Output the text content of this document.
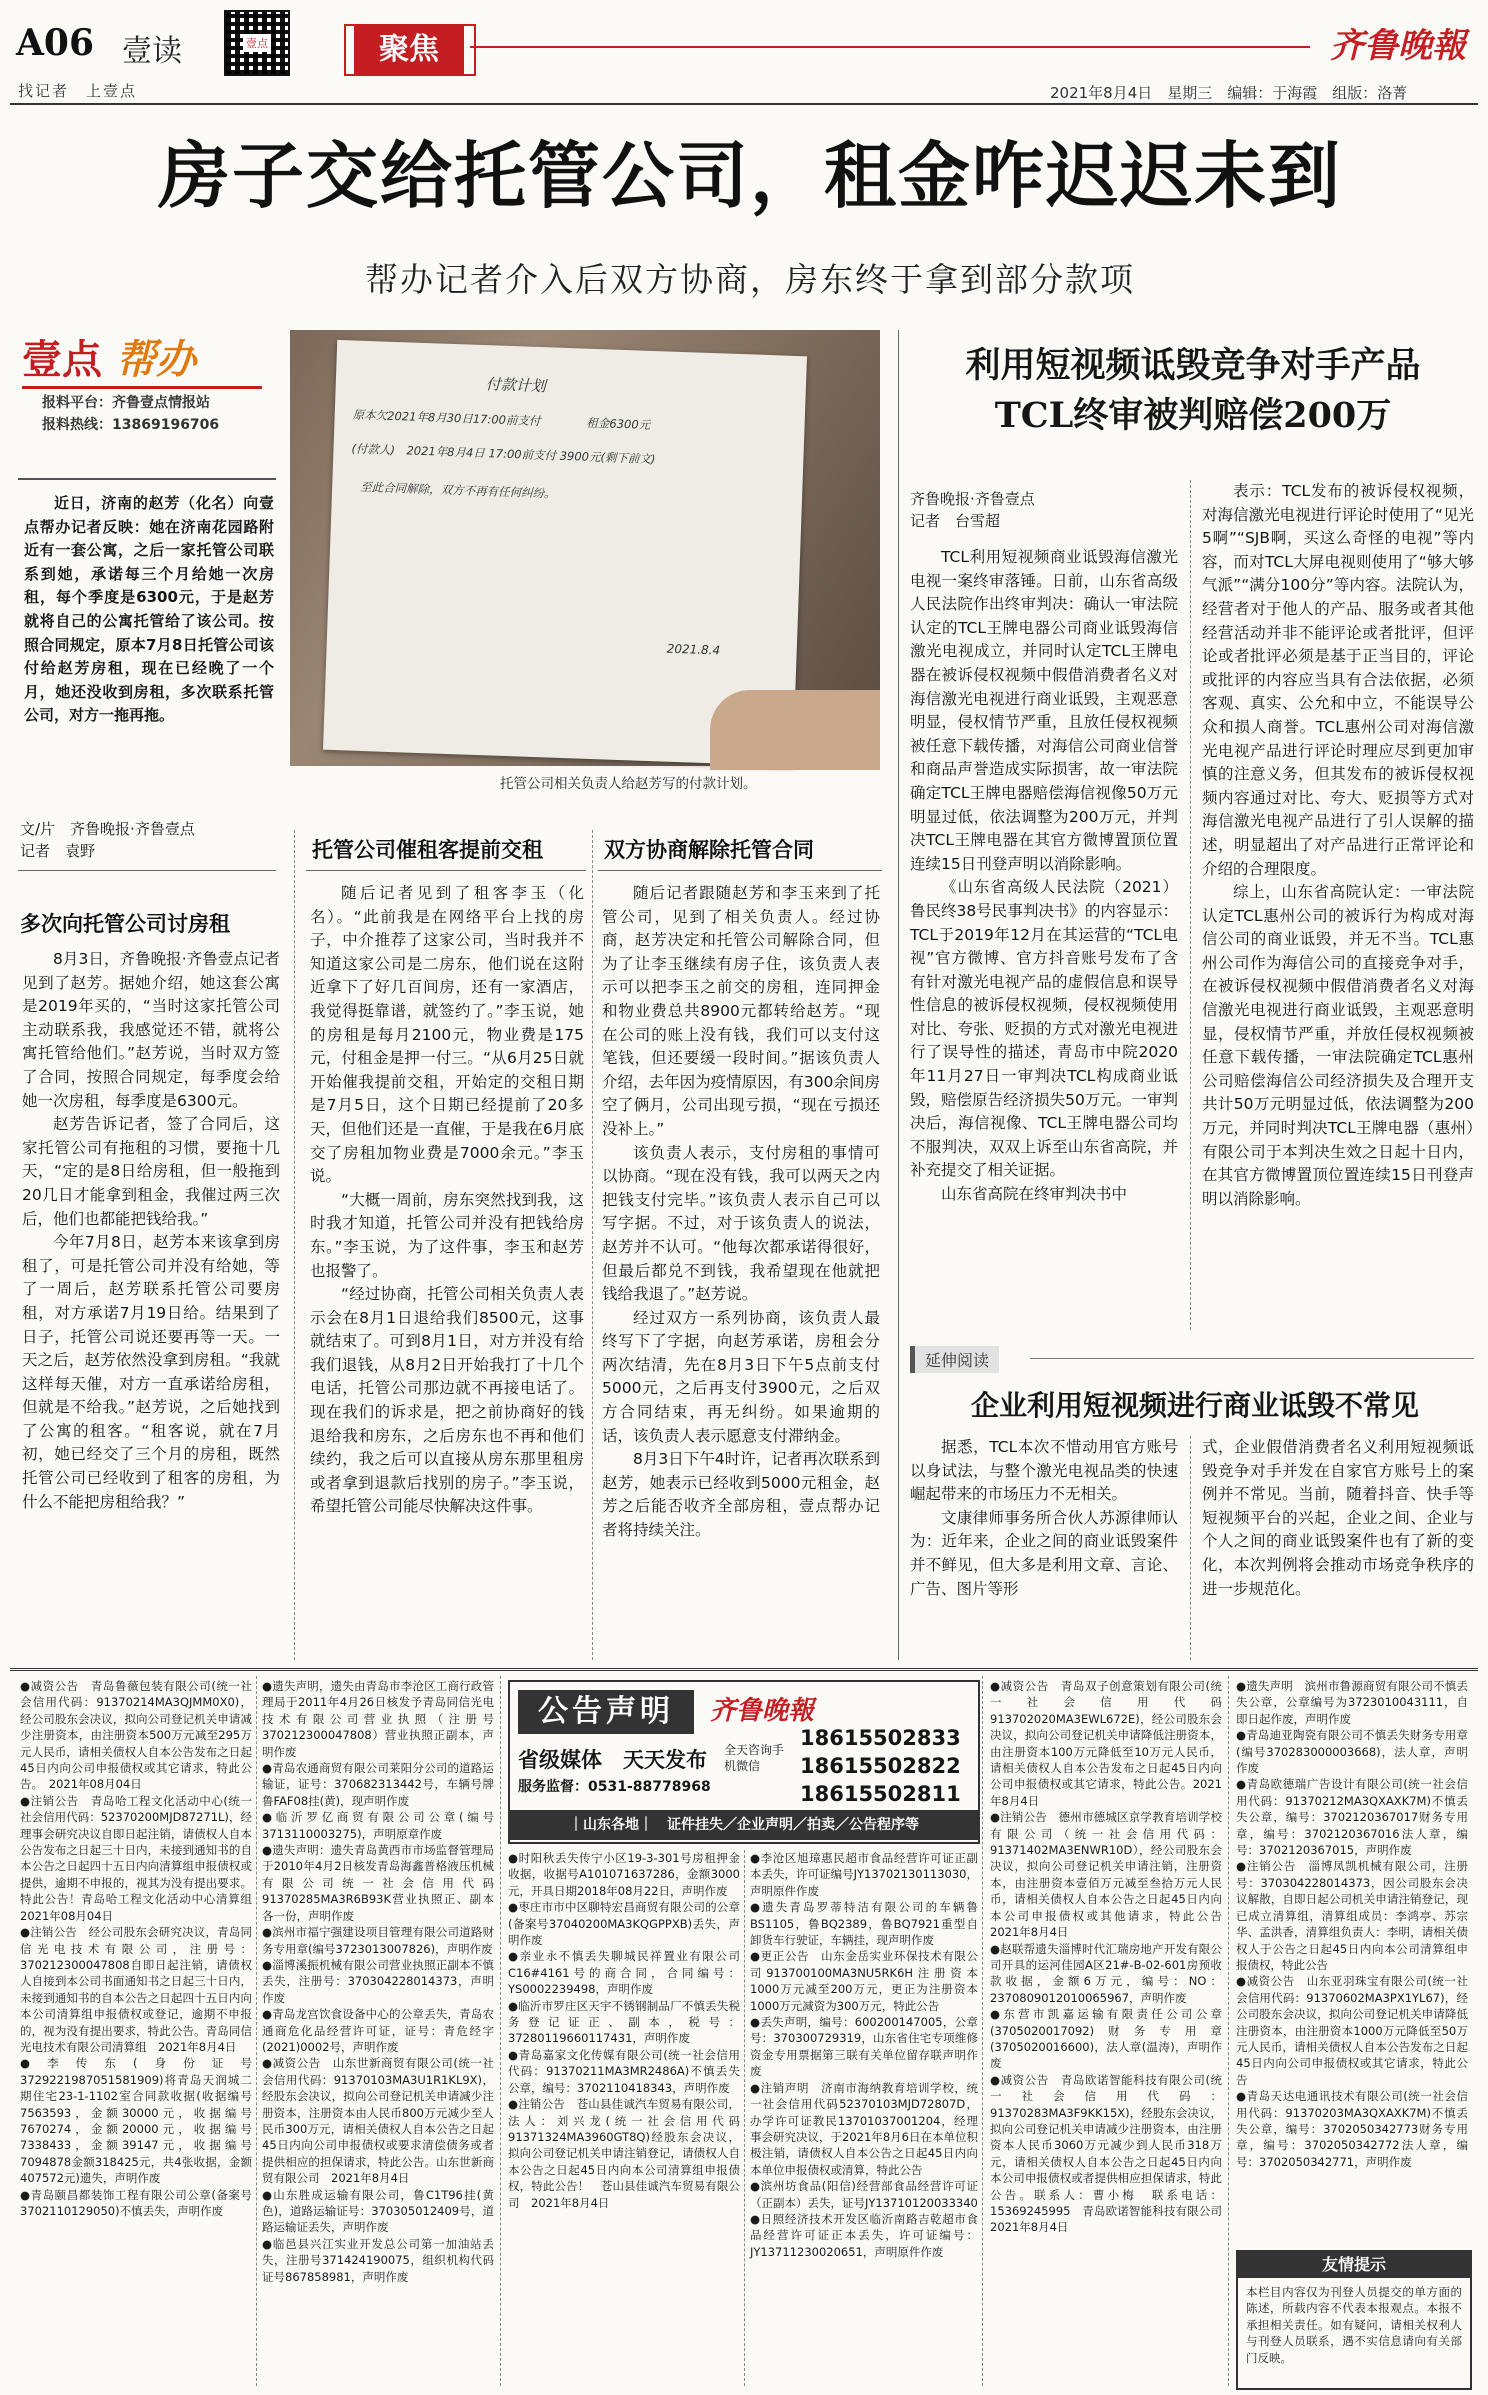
A06 壹读
找记者　上壹点
壹点	聚焦	齐鲁晚報
2021年8月4日　星期三　编辑：于海霞　组版：洛菁
房子交给托管公司，租金咋迟迟未到
帮办记者介入后双方协商，房东终于拿到部分款项
壹点 帮办
报料平台：齐鲁壹点情报站
报料热线：13869196706

近日，济南的赵芳（化名）向壹点帮办记者反映：她在济南花园路附近有一套公寓，之后一家托管公司联系到她，承诺每三个月给她一次房租，每个季度是6300元，于是赵芳就将自己的公寓托管给了该公司。按照合同规定，原本7月8日托管公司该付给赵芳房租，现在已经晚了一个月，她还没收到房租，多次联系托管公司，对方一拖再拖。

付款计划
原本欠2021年8月30日17:00前支付　　　　租金6300元
(付款人)　2021年8月4日 17:00前支付 3900元(剩下前文)
至此合同解除，双方不再有任何纠纷。
2021.8.4
托管公司相关负责人给赵芳写的付款计划。
文/片　齐鲁晚报·齐鲁壹点
记者　袁野
多次向托管公司讨房租
托管公司催租客提前交租	双方协商解除托管合同

8月3日，齐鲁晚报·齐鲁壹点记者见到了赵芳。据她介绍，她这套公寓是2019年买的，“当时这家托管公司主动联系我，我感觉还不错，就将公寓托管给他们。”赵芳说，当时双方签了合同，按照合同规定，每季度会给她一次房租，每季度是6300元。

赵芳告诉记者，签了合同后，这家托管公司有拖租的习惯，要拖十几天，“定的是8日给房租，但一般拖到20几日才能拿到租金，我催过两三次后，他们也都能把钱给我。”

今年7月8日，赵芳本来该拿到房租了，可是托管公司并没有给她，等了一周后，赵芳联系托管公司要房租，对方承诺7月19日给。结果到了日子，托管公司说还要再等一天。一天之后，赵芳依然没拿到房租。“我就这样每天催，对方一直承诺给房租，但就是不给我。”赵芳说，之后她找到了公寓的租客。“租客说，就在7月初，她已经交了三个月的房租，既然托管公司已经收到了租客的房租，为什么不能把房租给我？”

随后记者见到了租客李玉（化名）。“此前我是在网络平台上找的房子，中介推荐了这家公司，当时我并不知道这家公司是二房东，他们说在这附近拿下了好几百间房，还有一家酒店，我觉得挺靠谱，就签约了。”李玉说，她的房租是每月2100元，物业费是175元，付租金是押一付三。“从6月25日就开始催我提前交租，开始定的交租日期是7月5日，这个日期已经提前了20多天，但他们还是一直催，于是我在6月底交了房租加物业费是7000余元。”李玉说。

“大概一周前，房东突然找到我，这时我才知道，托管公司并没有把钱给房东。”李玉说，为了这件事，李玉和赵芳也报警了。

“经过协商，托管公司相关负责人表示会在8月1日退给我们8500元，这事就结束了。可到8月1日，对方并没有给我们退钱，从8月2日开始我打了十几个电话，托管公司那边就不再接电话了。现在我们的诉求是，把之前协商好的钱退给我和房东，之后房东也不再和他们续约，我之后可以直接从房东那里租房或者拿到退款后找别的房子。”李玉说，希望托管公司能尽快解决这件事。

随后记者跟随赵芳和李玉来到了托管公司，见到了相关负责人。经过协商，赵芳决定和托管公司解除合同，但为了让李玉继续有房子住，该负责人表示可以把李玉之前交的房租，连同押金和物业费总共8900元都转给赵芳。“现在公司的账上没有钱，我们可以支付这笔钱，但还要缓一段时间。”据该负责人介绍，去年因为疫情原因，有300余间房空了俩月，公司出现亏损，“现在亏损还没补上。”

该负责人表示，支付房租的事情可以协商。“现在没有钱，我可以两天之内把钱支付完毕。”该负责人表示自己可以写字据。不过，对于该负责人的说法，赵芳并不认可。“他每次都承诺得很好，但最后都兑不到钱，我希望现在他就把钱给我退了。”赵芳说。

经过双方一系列协商，该负责人最终写下了字据，向赵芳承诺，房租会分两次结清，先在8月3日下午5点前支付5000元，之后再支付3900元，之后双方合同结束，再无纠纷。如果逾期的话，该负责人表示愿意支付滞纳金。

8月3日下午4时许，记者再次联系到赵芳，她表示已经收到5000元租金，赵芳之后能否收齐全部房租，壹点帮办记者将持续关注。

利用短视频诋毁竞争对手产品
TCL终审被判赔偿200万
齐鲁晚报·齐鲁壹点
记者　台雪超

TCL利用短视频商业诋毁海信激光电视一案终审落锤。日前，山东省高级人民法院作出终审判决：确认一审法院认定的TCL王牌电器公司商业诋毁海信激光电视成立，并同时认定TCL王牌电器在被诉侵权视频中假借消费者名义对海信激光电视进行商业诋毁，主观恶意明显，侵权情节严重，且放任侵权视频被任意下载传播，对海信公司商业信誉和商品声誉造成实际损害，故一审法院确定TCL王牌电器赔偿海信视像50万元明显过低，依法调整为200万元，并判决TCL王牌电器在其官方微博置顶位置连续15日刊登声明以消除影响。

《山东省高级人民法院（2021）鲁民终38号民事判决书》的内容显示：TCL于2019年12月在其运营的“TCL电视”官方微博、官方抖音账号发布了含有针对激光电视产品的虚假信息和误导性信息的被诉侵权视频，侵权视频使用对比、夸张、贬损的方式对激光电视进行了误导性的描述，青岛市中院2020年11月27日一审判决TCL构成商业诋毁，赔偿原告经济损失50万元。一审判决后，海信视像、TCL王牌电器公司均不服判决，双双上诉至山东省高院，并补充提交了相关证据。

山东省高院在终审判决书中

表示：TCL发布的被诉侵权视频，对海信激光电视进行评论时使用了“见光5啊”“SJB啊，买这么奇怪的电视”等内容，而对TCL大屏电视则使用了“够大够气派”“满分100分”等内容。法院认为，经营者对于他人的产品、服务或者其他经营活动并非不能评论或者批评，但评论或者批评必须是基于正当目的，评论或批评的内容应当具有合法依据，必须客观、真实、公允和中立，不能误导公众和损人商誉。TCL惠州公司对海信激光电视产品进行评论时理应尽到更加审慎的注意义务，但其发布的被诉侵权视频内容通过对比、夸大、贬损等方式对海信激光电视产品进行了引人误解的描述，明显超出了对产品进行正常评论和介绍的合理限度。

综上，山东省高院认定：一审法院认定TCL惠州公司的被诉行为构成对海信公司的商业诋毁，并无不当。TCL惠州公司作为海信公司的直接竞争对手，在被诉侵权视频中假借消费者名义对海信激光电视进行商业诋毁，主观恶意明显，侵权情节严重，并放任侵权视频被任意下载传播，一审法院确定TCL惠州公司赔偿海信公司经济损失及合理开支共计50万元明显过低，依法调整为200万元，并同时判决TCL王牌电器（惠州）有限公司于本判决生效之日起十日内，在其官方微博置顶位置连续15日刊登声明以消除影响。

延伸阅读
企业利用短视频进行商业诋毁不常见

据悉，TCL本次不惜动用官方账号以身试法，与整个激光电视品类的快速崛起带来的市场压力不无相关。

文康律师事务所合伙人苏源律师认为：近年来，企业之间的商业诋毁案件并不鲜见，但大多是利用文章、言论、广告、图片等形

式，企业假借消费者名义利用短视频诋毁竞争对手并发在自家官方账号上的案例并不常见。当前，随着抖音、快手等短视频平台的兴起，企业之间、企业与个人之间的商业诋毁案件也有了新的变化，本次判例将会推动市场竞争秩序的进一步规范化。

●减资公告　青岛鲁薇包装有限公司(统一社会信用代码：91370214MA3QJMM0X0)，经公司股东会决议，拟向公司登记机关申请减少注册资本，由注册资本500万元减至295万元人民币，请相关债权人自本公告发布之日起45日内向公司申报债权或其它请求，特此公告。　2021年08月04日
●注销公告　青岛哈工程文化活动中心(统一社会信用代码：52370200MJD87271L)，经理事会研究决议自即日起注销，请债权人自本公告发布之日起三十日内，未接到通知书的自本公告之日起四十五日内向清算组申报债权或提供，逾期不申报的，视其为没有提出要求。特此公告！青岛哈工程文化活动中心清算组　2021年08月04日
●注销公告　经公司股东会研究决议，青岛同信光电技术有限公司，注册号：370212300047808自即日起注销，请债权人自接到本公司书面通知书之日起三十日内，未接到通知书的自本公告之日起四十五日内向本公司清算组申报债权或登记，逾期不申报的，视为没有提出要求，特此公告。青岛同信光电技术有限公司清算组　2021年8月4日
●李传东(身份证号3729221987051581909)将青岛天润城二期住宅23-1-1102室合同款收据(收据编号7563593，金额30000元，收据编号7670274，金额20000元，收据编号7338433，金额39147元，收据编号7094878金额318425元，共4张收据，金额407572元)遗失，声明作废
●青岛颐昌都装饰工程有限公司公章(备案号3702110129050)不慎丢失，声明作废
●遗失声明，遗失由青岛市李沧区工商行政管理局于2011年4月26日核发予青岛同信光电技术有限公司营业执照（注册号370212300047808）营业执照正副本，声明作废
●青岛农通商贸有限公司莱阳分公司的道路运输证，证号：370682313442号，车辆号牌鲁FAF08挂(黄)，现声明作废
●临沂罗亿商贸有限公司公章(编号3713110003275)，声明原章作废
●遗失声明：遗失青岛黄西市市场监督管理局于2010年4月2日核发青岛海鑫普格液压机械有限公司统一社会信用代码91370285MA3R6B93K营业执照正、副本各一份，声明作废
●滨州市福宁强建设项目管理有限公司道路财务专用章(编号3723013007826)，声明作废
●淄博溪振机械有限公司营业执照正副本不慎丢失，注册号：370304228014373，声明作废
●青岛龙宫饮食设备中心的公章丢失，青岛农通商危化品经营许可证，证号：青危经字(2021)0002号，声明作废
●减资公告　山东世新商贸有限公司(统一社会信用代码：91370103MA3U1R1KL9X)，经股东会决议，拟向公司登记机关申请减少注册资本，注册资本由人民币800万元减少至人民币300万元，请相关债权人自本公告之日起45日内向公司申报债权或要求清偿债务或者提供相应的担保请求，特此公告。山东世新商贸有限公司　2021年8月4日
●山东胜成运输有限公司，鲁C1T96挂(黄色)，道路运输证号：370305012409号，道路运输证丢失，声明作废
●临邑县兴江实业开发总公司第一加油站丢失，注册号371424190075，组织机构代码证号867858981，声明作废
公告声明	齐鲁晚報
省级媒体　天天发布
服务监督：0531-88778968
全天咨询手机微信
18615502833
18615502822
18615502811
｜山东各地｜　证件挂失／企业声明／拍卖／公告程序等
●时阳秋丢失传宁小区19-3-301号房租押金收据，收据号A101071637286，金额3000元，开具日期2018年08月22日，声明作废
●枣庄市市中区聊特宏昌商贸有限公司的公章(备案号37040200MA3KQGPPXB)丢失，声明作废
●亲业永不慎丢失聊城民祥置业有限公司C16#4161号的商合同，合同编号：YS0002239498，声明作废
●临沂市罗庄区天宇不锈钢制品厂不慎丢失税务登记证正、副本，税号：37280119660117431，声明作废
●青岛嘉家文化传媒有限公司(统一社会信用代码：91370211MA3MR2486A)不慎丢失公章，编号：3702110418343，声明作废
●注销公告　苍山县佳诚汽车贸易有限公司，法人：刘兴龙(统一社会信用代码91371324MA3960GT8Q)经股东会决议，拟向公司登记机关申请注销登记，请债权人自本公告之日起45日内向本公司清算组申报债权，特此公告！　苍山县佳诚汽车贸易有限公司　2021年8月4日
●李沧区旭璋惠民超市食品经营许可证正副本丢失，许可证编号JY13702130113030，声明原件作废
●遗失青岛罗蒂特洁有限公司的车辆鲁BS1105，鲁BQ2389，鲁BQ7921重型自卸货车行驶证，车辆挂，现声明作废
●更正公告　山东金岳实业环保技术有限公司913700100MA3NU5RK6H注册资本1000万元减至200万元，更正为注册资本1000万元减资为300万元，特此公告
●丢失声明，编号：600200147005，公章号：370300729319，山东省住宅专项维修资金专用票据第三联有关单位留存联声明作废
●注销声明　济南市海纳教育培训学校，统一社会信用代码52370103MJD72807D，办学许可证教民13701037001204，经理事会研究决议，于2021年8月6日在本单位积极注销，请债权人自本公告之日起45日内向本单位申报债权或清算，特此公告
●滨州坊食品(阳信)经营部食品经营许可证（正副本）丢失，证号JY13710120033340
●日照经济技术开发区临沂南路吉乾超市食品经营许可证正本丢失，许可证编号：JY13711230020651，声明原件作废
●减资公告　青岛双子创意策划有限公司(统一社会信用代码913702020MA3EWL672E)，经公司股东会决议，拟向公司登记机关申请降低注册资本，由注册资本100万元降低至10万元人民币，请相关债权人自本公告发布之日起45日内向公司申报债权或其它请求，特此公告。2021年8月4日
●注销公告　德州市德城区京学教育培训学校有限公司（统一社会信用代码：91371402MA3ENWR10D），经公司股东会决议，拟向公司登记机关申请注销，注册资本，由注册资本壹佰万元减至叁拾万元人民币，请相关债权人自本公告之日起45日内向本公司申报债权或其他请求，特此公告　2021年8月4日
●赵联帮遗失淄博时代汇瑞房地产开发有限公司开具的运河佳园A区21#-B-02-601房预收款收据，金额6万元，编号：NO：2370809012010065967，声明作废
●东营市凯嘉运输有限责任公司公章(3705020017092)财务专用章(3705020016600)，法人章(温涛)，声明作废
●减资公告　青岛欧诺智能科技有限公司(统一社会信用代码：91370283MA3F9KK15X)，经股东会决议，拟向公司登记机关申请减少注册资本，由注册资本人民币3060万元减少到人民币318万元，请相关债权人自本公告之日起45日内向本公司申报债权或者提供相应担保请求，特此公告。联系人：曹小梅　联系电话：15369245995　青岛欧诺智能科技有限公司　2021年8月4日
●遗失声明　滨州市鲁源商贸有限公司不慎丢失公章，公章编号为3723010043111，自即日起作废，声明作废
●青岛迪亚陶瓷有限公司不慎丢失财务专用章(编号370283000003668)，法人章，声明作废
●青岛欧德瑞广告设计有限公司(统一社会信用代码：91370212MA3QXAXK7M)不慎丢失公章，编号：3702120367017财务专用章，编号：3702120367016法人章，编号：3702120367015，声明作废
●注销公告　淄博凤凯机械有限公司，注册号：370304228014373，因公司股东会决议解散，自即日起公司机关申请注销登记，现已成立清算组，清算组成员：李鸿亭、苏宗华、孟洪香，清算组负责人：李明，请相关债权人于公告之日起45日内向本公司清算组申报债权，特此公告
●减资公告　山东亚羽珠宝有限公司(统一社会信用代码：91370602MA3PX1YL67)，经公司股东会决议，拟向公司登记机关申请降低注册资本，由注册资本1000万元降低至50万元人民币，请相关债权人自本公告发布之日起45日内向公司申报债权或其它请求，特此公告
●青岛天达电通讯技术有限公司(统一社会信用代码：91370203MA3QXAXK7M)不慎丢失公章，编号：3702050342773财务专用章，编号：3702050342772法人章，编号：3702050342771，声明作废
友情提示
本栏目内容仅为刊登人员提交的单方面的陈述，所载内容不代表本报观点。本报不承担相关责任。如有疑问，请相关权利人与刊登人员联系，遇不实信息请向有关部门反映。
